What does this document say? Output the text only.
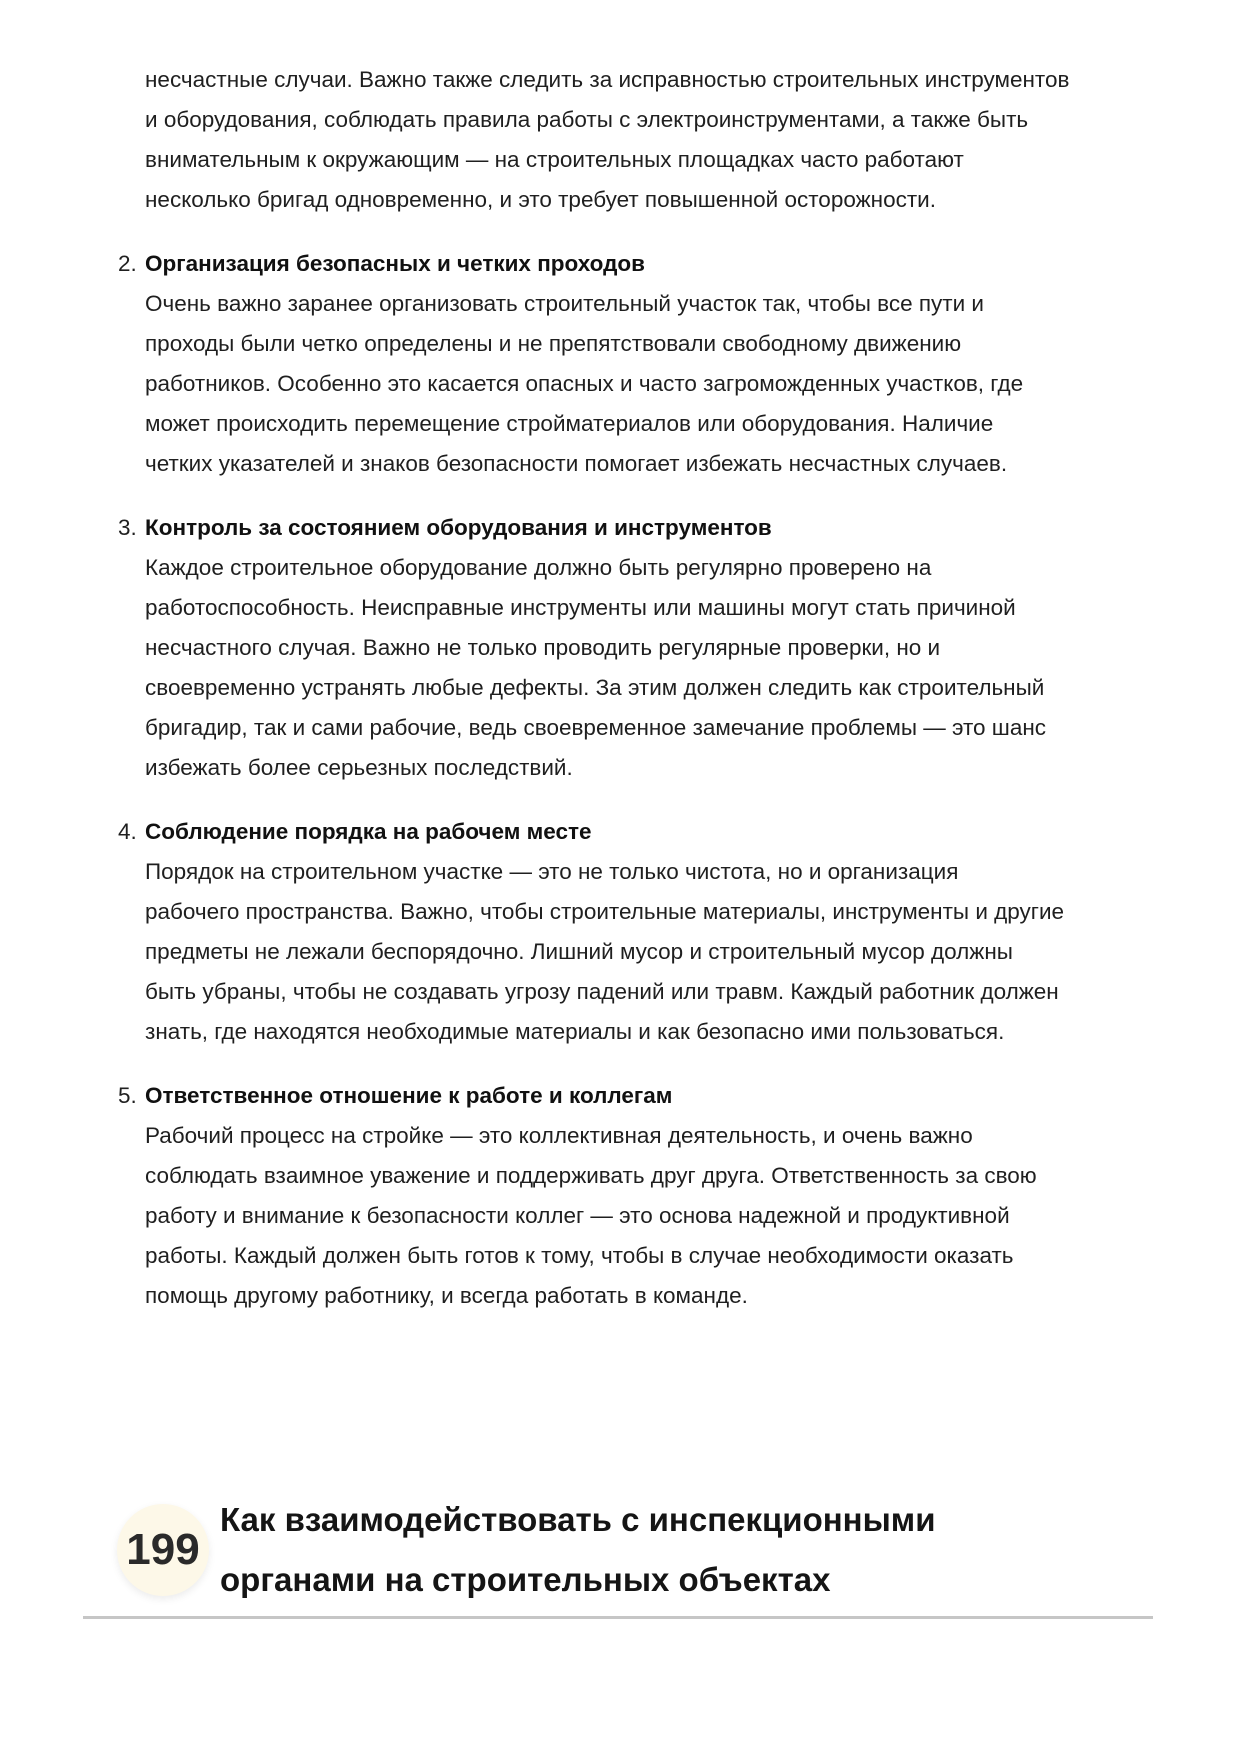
несчастные случаи. Важно также следить за исправностью строительных инструментов
и оборудования, соблюдать правила работы с электроинструментами, а также быть
внимательным к окружающим — на строительных площадках часто работают
несколько бригад одновременно, и это требует повышенной осторожности.
2. Организация безопасных и четких проходов
Очень важно заранее организовать строительный участок так, чтобы все пути и
проходы были четко определены и не препятствовали свободному движению
работников. Особенно это касается опасных и часто загроможденных участков, где
может происходить перемещение стройматериалов или оборудования. Наличие
четких указателей и знаков безопасности помогает избежать несчастных случаев.
3. Контроль за состоянием оборудования и инструментов
Каждое строительное оборудование должно быть регулярно проверено на
работоспособность. Неисправные инструменты или машины могут стать причиной
несчастного случая. Важно не только проводить регулярные проверки, но и
своевременно устранять любые дефекты. За этим должен следить как строительный
бригадир, так и сами рабочие, ведь своевременное замечание проблемы — это шанс
избежать более серьезных последствий.
4. Соблюдение порядка на рабочем месте
Порядок на строительном участке — это не только чистота, но и организация
рабочего пространства. Важно, чтобы строительные материалы, инструменты и другие
предметы не лежали беспорядочно. Лишний мусор и строительный мусор должны
быть убраны, чтобы не создавать угрозу падений или травм. Каждый работник должен
знать, где находятся необходимые материалы и как безопасно ими пользоваться.
5. Ответственное отношение к работе и коллегам
Рабочий процесс на стройке — это коллективная деятельность, и очень важно
соблюдать взаимное уважение и поддерживать друг друга. Ответственность за свою
работу и внимание к безопасности коллег — это основа надежной и продуктивной
работы. Каждый должен быть готов к тому, чтобы в случае необходимости оказать
помощь другому работнику, и всегда работать в команде.
199
Как взаимодействовать с инспекционными
органами на строительных объектах
